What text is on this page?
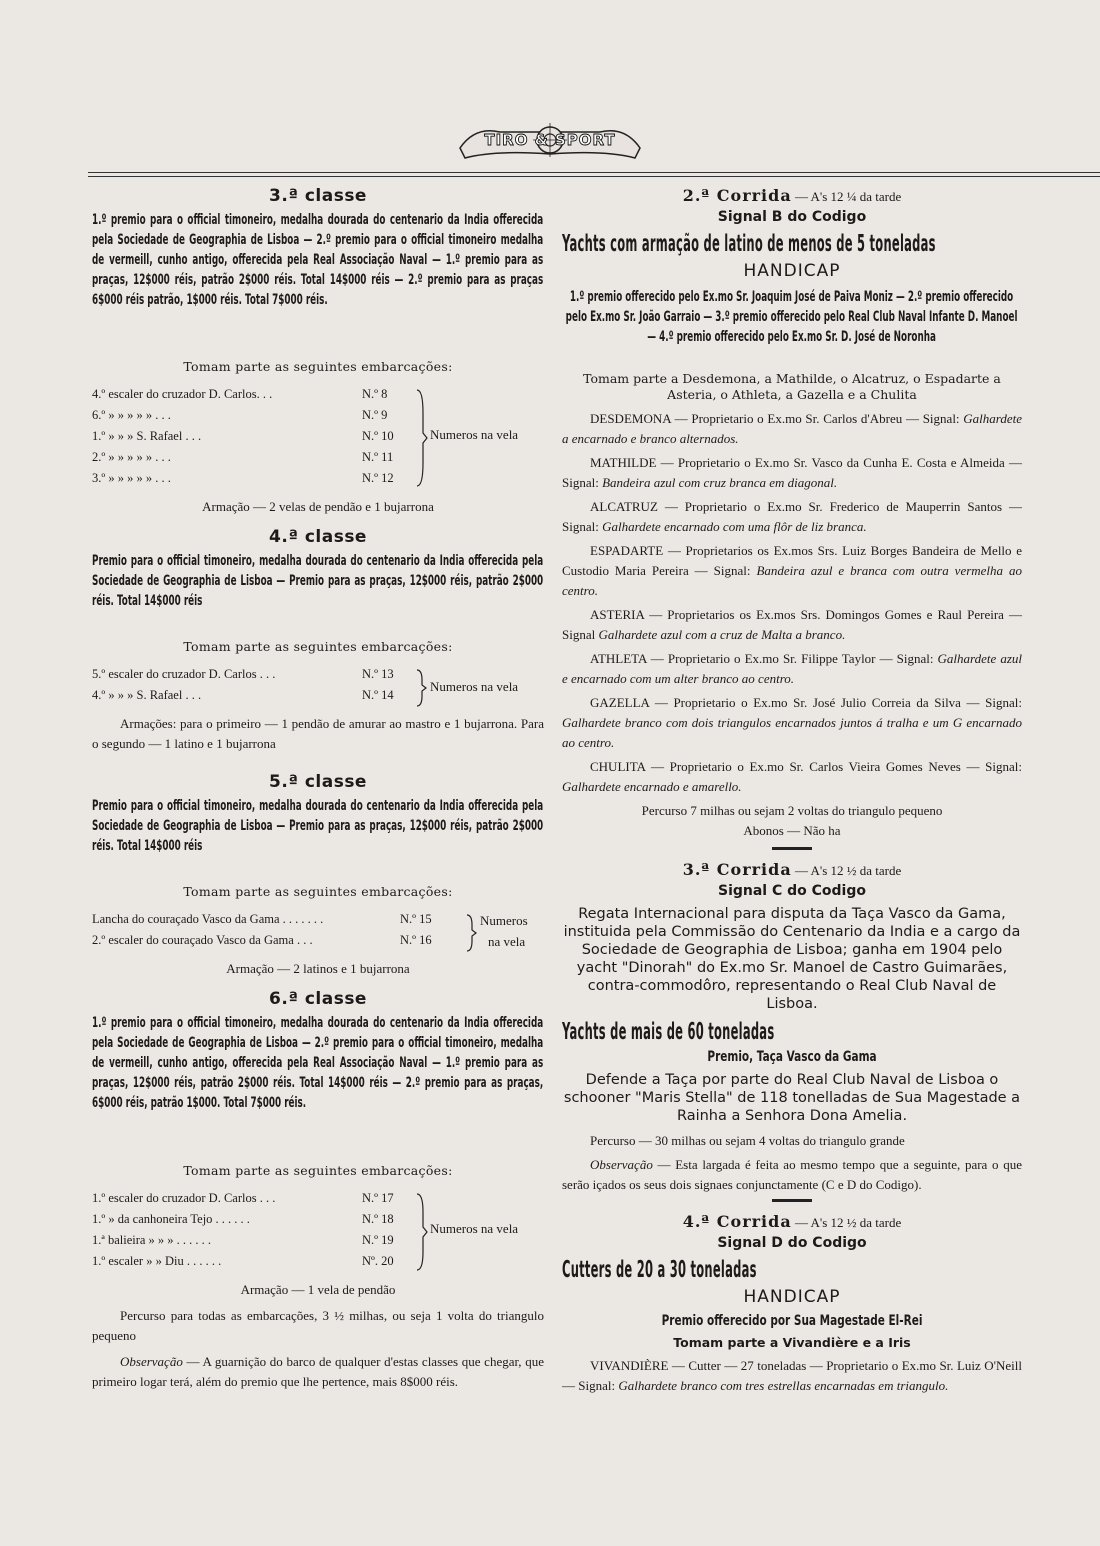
TIRO & SPORT
3.ª classe
1.º premio para o official timoneiro, medalha dourada do centenario da India offerecida pela Sociedade de Geographia de Lisboa — 2.º premio para o official timoneiro medalha de vermeill, cunho antigo, offerecida pela Real Associação Naval — 1.º premio para as praças, 12$000 réis, patrão 2$000 réis. Total 14$000 réis — 2.º premio para as praças 6$000 réis patrão, 1$000 réis. Total 7$000 réis.
Tomam parte as seguintes embarcações:
4.º escaler do cruzador D. Carlos. . .	N.º 8
6.º » » » » » . . .	N.º 9
1.º » » » S. Rafael . . .	N.º 10
2.º » » » » » . . .	N.º 11
3.º » » » » » . . .	N.º 12
Numeros na vela

Armação — 2 velas de pendão e 1 bujarrona

4.ª classe
Premio para o official timoneiro, medalha dourada do centenario da India offerecida pela Sociedade de Geographia de Lisboa — Premio para as praças, 12$000 réis, patrão 2$000 réis. Total 14$000 réis
Tomam parte as seguintes embarcações:
5.º escaler do cruzador D. Carlos . . .	N.º 13
4.º » » » S. Rafael . . .	N.º 14
Numeros na vela

Armações: para o primeiro — 1 pendão de amurar ao mastro e 1 bujarrona. Para o segundo — 1 latino e 1 bujarrona

5.ª classe
Premio para o official timoneiro, medalha dourada do centenario da India offerecida pela Sociedade de Geographia de Lisboa — Premio para as praças, 12$000 réis, patrão 2$000 réis. Total 14$000 réis
Tomam parte as seguintes embarcações:
Lancha do couraçado Vasco da Gama . . . . . . .	N.º 15
2.º escaler do couraçado Vasco da Gama . . .	N.º 16
Numeros
na vela

Armação — 2 latinos e 1 bujarrona

6.ª classe
1.º premio para o official timoneiro, medalha dourada do centenario da India offerecida pela Sociedade de Geographia de Lisboa — 2.º premio para o official timoneiro, medalha de vermeill, cunho antigo, offerecida pela Real Associação Naval — 1.º premio para as praças, 12$000 réis, patrão 2$000 réis. Total 14$000 réis — 2.º premio para as praças, 6$000 réis, patrão 1$000. Total 7$000 réis.
Tomam parte as seguintes embarcações:
1.º escaler do cruzador D. Carlos . . .	N.º 17
1.º » da canhoneira Tejo . . . . . .	N.º 18
1.ª balieira » » » . . . . . .	N.º 19
1.º escaler » » Diu . . . . . .	Nº. 20
Numeros na vela

Armação — 1 vela de pendão

Percurso para todas as embarcações, 3 ½ milhas, ou seja 1 volta do triangulo pequeno

Observação — A guarnição do barco de qualquer d'estas classes que chegar, que primeiro logar terá, além do premio que lhe pertence, mais 8$000 réis.

2.ª Corrida — A's 12 ¼ da tarde
Signal B do Codigo
Yachts com armação de latino de menos de 5 toneladas
HANDICAP
1.º premio offerecido pelo Ex.mo Sr. Joaquim José de Paiva Moniz — 2.º premio offerecido pelo Ex.mo Sr. João Garraio — 3.º premio offerecido pelo Real Club Naval Infante D. Manoel — 4.º premio offerecido pelo Ex.mo Sr. D. José de Noronha
Tomam parte a Desdemona, a Mathilde, o Alcatruz, o Espadarte a Asteria, o Athleta, a Gazella e a Chulita

DESDEMONA — Proprietario o Ex.mo Sr. Carlos d'Abreu — Signal: Galhardete a encarnado e branco alternados.

MATHILDE — Proprietario o Ex.mo Sr. Vasco da Cunha E. Costa e Almeida — Signal: Bandeira azul com cruz branca em diagonal.

ALCATRUZ — Proprietario o Ex.mo Sr. Frederico de Mauperrin Santos — Signal: Galhardete encarnado com uma flôr de liz branca.

ESPADARTE — Proprietarios os Ex.mos Srs. Luiz Borges Bandeira de Mello e Custodio Maria Pereira — Signal: Bandeira azul e branca com outra vermelha ao centro.

ASTERIA — Proprietarios os Ex.mos Srs. Domingos Gomes e Raul Pereira — Signal Galhardete azul com a cruz de Malta a branco.

ATHLETA — Proprietario o Ex.mo Sr. Filippe Taylor — Signal: Galhardete azul e encarnado com um alter branco ao centro.

GAZELLA — Proprietario o Ex.mo Sr. José Julio Correia da Silva — Signal: Galhardete branco com dois triangulos encarnados juntos á tralha e um G encarnado ao centro.

CHULITA — Proprietario o Ex.mo Sr. Carlos Vieira Gomes Neves — Signal: Galhardete encarnado e amarello.

Percurso 7 milhas ou sejam 2 voltas do triangulo pequeno

Abonos — Não ha

3.ª Corrida — A's 12 ½ da tarde
Signal C do Codigo
Regata Internacional para disputa da Taça Vasco da Gama, instituida pela Commissão do Centenario da India e a cargo da Sociedade de Geographia de Lisboa; ganha em 1904 pelo yacht "Dinorah" do Ex.mo Sr. Manoel de Castro Guimarães, contra-commodôro, representando o Real Club Naval de Lisboa.
Yachts de mais de 60 toneladas
Premio, Taça Vasco da Gama
Defende a Taça por parte do Real Club Naval de Lisboa o schooner "Maris Stella" de 118 tonelladas de Sua Magestade a Rainha a Senhora Dona Amelia.

Percurso — 30 milhas ou sejam 4 voltas do triangulo grande

Observação — Esta largada é feita ao mesmo tempo que a seguinte, para o que serão içados os seus dois signaes conjunctamente (C e D do Codigo).

4.ª Corrida — A's 12 ½ da tarde
Signal D do Codigo
Cutters de 20 a 30 toneladas
HANDICAP
Premio offerecido por Sua Magestade El-Rei
Tomam parte a Vivandière e a Iris

VIVANDIÈRE — Cutter — 27 toneladas — Proprietario o Ex.mo Sr. Luiz O'Neill — Signal: Galhardete branco com tres estrellas encarnadas em triangulo.
